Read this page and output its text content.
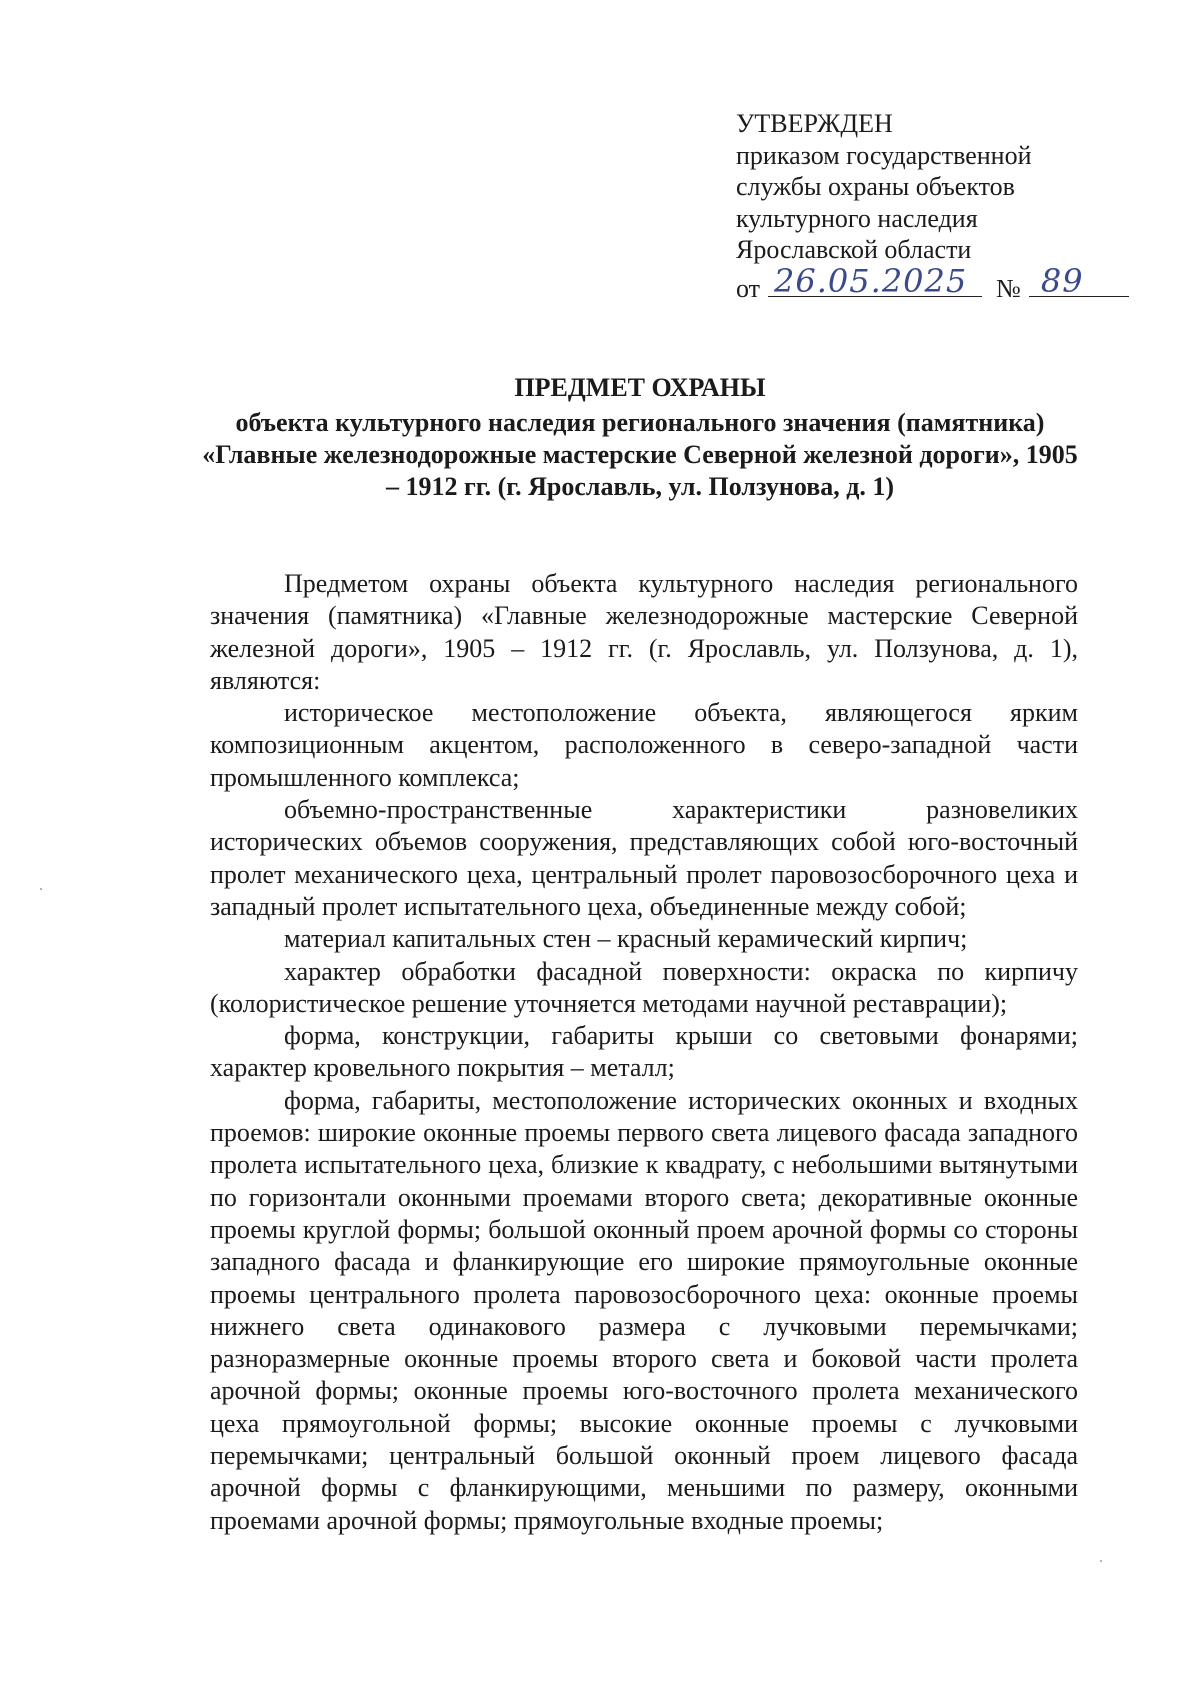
УТВЕРЖДЕН
приказом государственной
службы охраны объектов
культурного наследия
Ярославской области
от 26.05.2025 № 89
ПРЕДМЕТ ОХРАНЫ
объекта культурного наследия регионального значения (памятника) «Главные железнодорожные мастерские Северной железной дороги», 1905 – 1912 гг. (г. Ярославль, ул. Ползунова, д. 1)

Предметом охраны объекта культурного наследия регионального значения (памятника) «Главные железнодорожные мастерские Северной железной дороги», 1905 – 1912 гг. (г. Ярославль, ул. Ползунова, д. 1), являются:

историческое местоположение объекта, являющегося ярким композиционным акцентом, расположенного в северо-западной части промышленного комплекса;

объемно-пространственные характеристики разновеликих исторических объемов сооружения, представляющих собой юго-восточный пролет механического цеха, центральный пролет паровозосборочного цеха и западный пролет испытательного цеха, объединенные между собой;

материал капитальных стен – красный керамический кирпич;

характер обработки фасадной поверхности: окраска по кирпичу (колористическое решение уточняется методами научной реставрации);

форма, конструкции, габариты крыши со световыми фонарями; характер кровельного покрытия – металл;

форма, габариты, местоположение исторических оконных и входных проемов: широкие оконные проемы первого света лицевого фасада западного пролета испытательного цеха, близкие к квадрату, с небольшими вытянутыми по горизонтали оконными проемами второго света; декоративные оконные проемы круглой формы; большой оконный проем арочной формы со стороны западного фасада и фланкирующие его широкие прямоугольные оконные проемы центрального пролета паровозосборочного цеха: оконные проемы нижнего света одинакового размера с лучковыми перемычками; разноразмерные оконные проемы второго света и боковой части пролета арочной формы; оконные проемы юго-восточного пролета механического цеха прямоугольной формы; высокие оконные проемы с лучковыми перемычками; центральный большой оконный проем лицевого фасада арочной формы с фланкирующими, меньшими по размеру, оконными проемами арочной формы; прямоугольные входные проемы;
